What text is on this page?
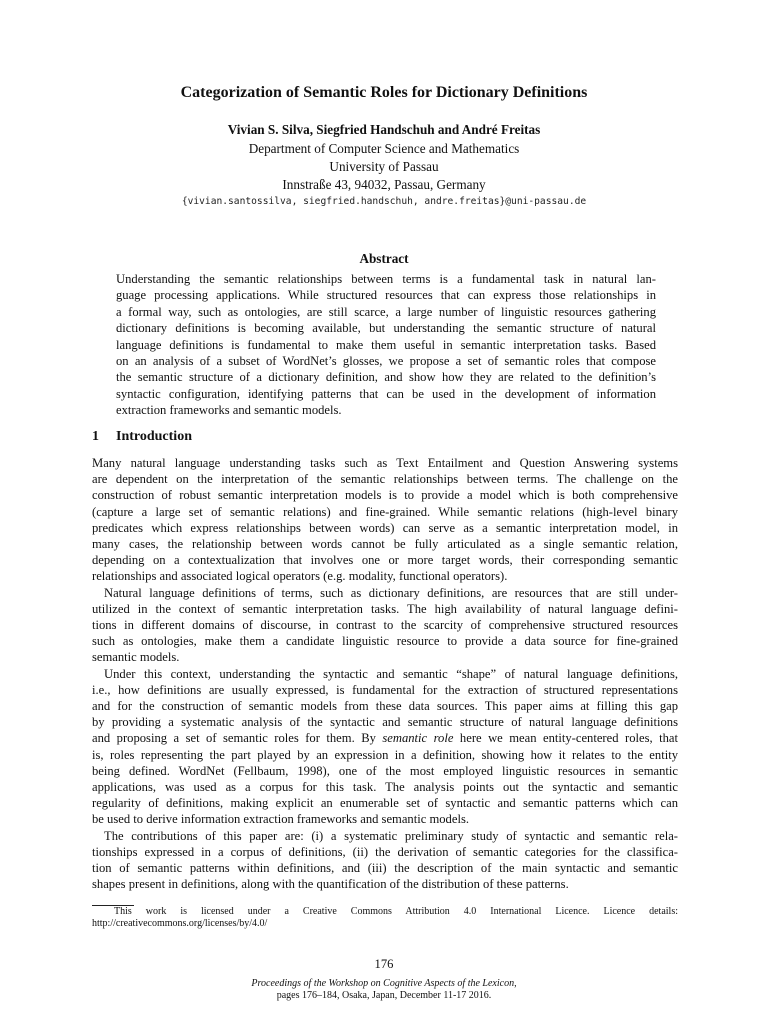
Categorization of Semantic Roles for Dictionary Definitions
Vivian S. Silva, Siegfried Handschuh and André Freitas
Department of Computer Science and Mathematics
University of Passau
Innstraße 43, 94032, Passau, Germany
{vivian.santossilva, siegfried.handschuh, andre.freitas}@uni-passau.de
Abstract
Understanding the semantic relationships between terms is a fundamental task in natural lan-
guage processing applications. While structured resources that can express those relationships in
a formal way, such as ontologies, are still scarce, a large number of linguistic resources gathering
dictionary definitions is becoming available, but understanding the semantic structure of natural
language definitions is fundamental to make them useful in semantic interpretation tasks. Based
on an analysis of a subset of WordNet’s glosses, we propose a set of semantic roles that compose
the semantic structure of a dictionary definition, and show how they are related to the definition’s
syntactic configuration, identifying patterns that can be used in the development of information
extraction frameworks and semantic models.
1 Introduction
Many natural language understanding tasks such as Text Entailment and Question Answering systems
are dependent on the interpretation of the semantic relationships between terms. The challenge on the
construction of robust semantic interpretation models is to provide a model which is both comprehensive
(capture a large set of semantic relations) and fine-grained. While semantic relations (high-level binary
predicates which express relationships between words) can serve as a semantic interpretation model, in
many cases, the relationship between words cannot be fully articulated as a single semantic relation,
depending on a contextualization that involves one or more target words, their corresponding semantic
relationships and associated logical operators (e.g. modality, functional operators).
Natural language definitions of terms, such as dictionary definitions, are resources that are still under-
utilized in the context of semantic interpretation tasks. The high availability of natural language defini-
tions in different domains of discourse, in contrast to the scarcity of comprehensive structured resources
such as ontologies, make them a candidate linguistic resource to provide a data source for fine-grained
semantic models.
Under this context, understanding the syntactic and semantic “shape” of natural language definitions,
i.e., how definitions are usually expressed, is fundamental for the extraction of structured representations
and for the construction of semantic models from these data sources. This paper aims at filling this gap
by providing a systematic analysis of the syntactic and semantic structure of natural language definitions
and proposing a set of semantic roles for them. By semantic role here we mean entity-centered roles, that
is, roles representing the part played by an expression in a definition, showing how it relates to the entity
being defined. WordNet (Fellbaum, 1998), one of the most employed linguistic resources in semantic
applications, was used as a corpus for this task. The analysis points out the syntactic and semantic
regularity of definitions, making explicit an enumerable set of syntactic and semantic patterns which can
be used to derive information extraction frameworks and semantic models.
The contributions of this paper are: (i) a systematic preliminary study of syntactic and semantic rela-
tionships expressed in a corpus of definitions, (ii) the derivation of semantic categories for the classifica-
tion of semantic patterns within definitions, and (iii) the description of the main syntactic and semantic
shapes present in definitions, along with the quantification of the distribution of these patterns.
This work is licensed under a Creative Commons Attribution 4.0 International Licence. Licence details:
http://creativecommons.org/licenses/by/4.0/
176
Proceedings of the Workshop on Cognitive Aspects of the Lexicon,
pages 176–184, Osaka, Japan, December 11-17 2016.
